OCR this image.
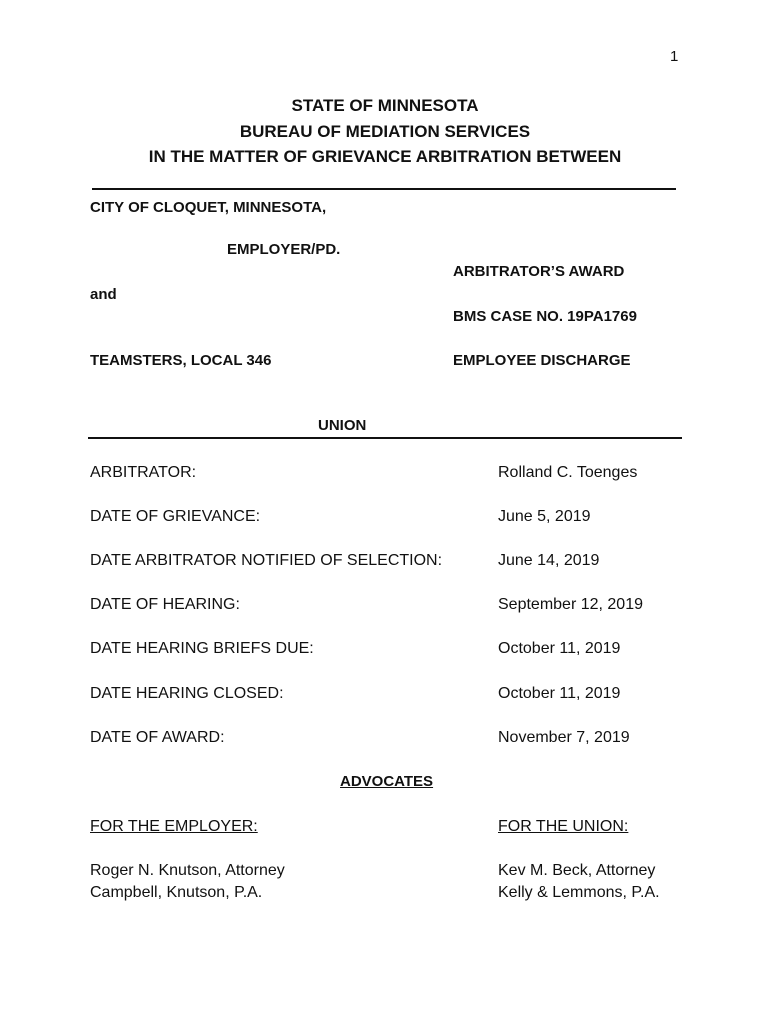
1
STATE OF MINNESOTA
BUREAU OF MEDIATION SERVICES
IN THE MATTER OF GRIEVANCE ARBITRATION BETWEEN
CITY OF CLOQUET, MINNESOTA,
EMPLOYER/PD.
ARBITRATOR’S AWARD
and
BMS CASE NO. 19PA1769
TEAMSTERS, LOCAL 346	EMPLOYEE DISCHARGE
UNION
ARBITRATOR:	Rolland C. Toenges
DATE OF GRIEVANCE:	June 5, 2019
DATE ARBITRATOR NOTIFIED OF SELECTION:	June 14, 2019
DATE OF HEARING:	September 12, 2019
DATE HEARING BRIEFS DUE:	October 11, 2019
DATE HEARING CLOSED:	October 11, 2019
DATE OF AWARD:	November 7, 2019
ADVOCATES
FOR THE EMPLOYER:	FOR THE UNION:
Roger N. Knutson, Attorney
Campbell, Knutson, P.A.
Kev M. Beck, Attorney
Kelly & Lemmons, P.A.
